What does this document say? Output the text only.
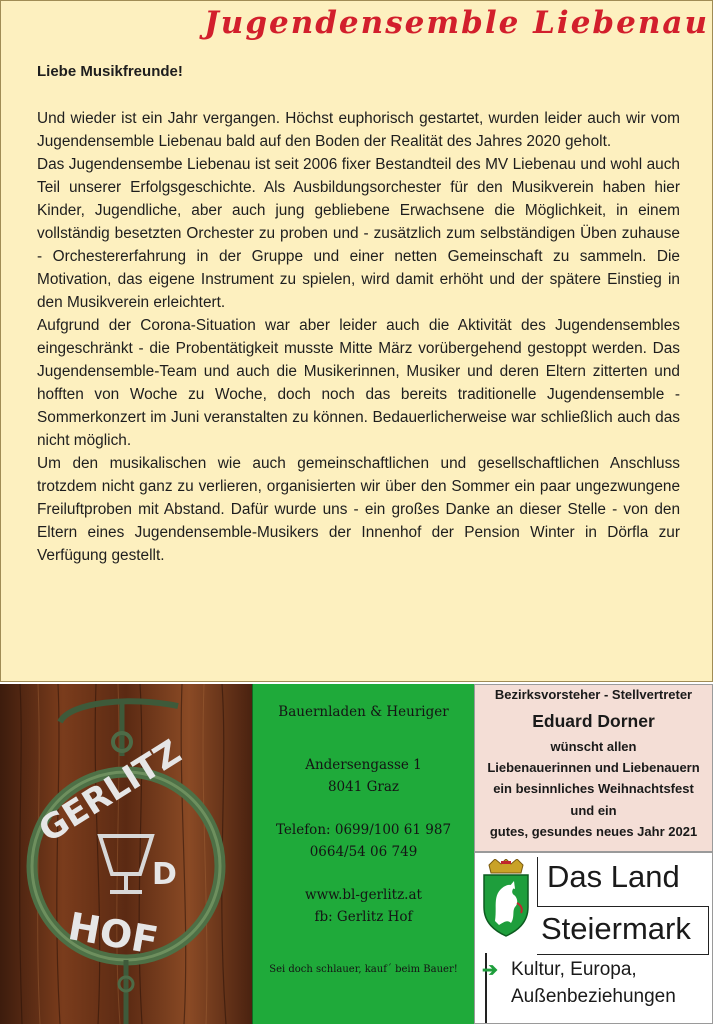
Jugendensemble Liebenau
Liebe Musikfreunde!

Und wieder ist ein Jahr vergangen. Höchst euphorisch gestartet, wurden leider auch wir vom Jugendensemble Liebenau bald auf den Boden der Realität des Jahres 2020 geholt.

Das Jugendensembe Liebenau ist seit 2006 fixer Bestandteil des MV Liebenau und wohl auch Teil unserer Erfolgsgeschichte. Als Ausbildungsorchester für den Musikverein haben hier Kinder, Jugendliche, aber auch jung gebliebene Erwachsene die Möglichkeit, in einem vollständig besetzten Orchester zu proben und - zusätzlich zum selbständigen Üben zuhause - Orchestererfahrung in der Gruppe und einer netten Gemeinschaft zu sammeln. Die Motivation, das eigene Instrument zu spielen, wird damit erhöht und der spätere Einstieg in den Musikverein erleichtert.

Aufgrund der Corona-Situation war aber leider auch die Aktivität des Jugendensembles eingeschränkt - die Probentätigkeit musste Mitte März vorübergehend gestoppt werden. Das Jugendensemble-Team und auch die Musikerinnen, Musiker und deren Eltern zitterten und hofften von Woche zu Woche, doch noch das bereits traditionelle Jugendensemble - Sommerkonzert im Juni veranstalten zu können. Bedauerlicherweise war schließlich auch das nicht möglich.

Um den musikalischen wie auch gemeinschaftlichen und gesellschaftlichen Anschluss trotzdem nicht ganz zu verlieren, organisierten wir über den Sommer ein paar ungezwungene Freiluftproben mit Abstand. Dafür wurde uns - ein großes Danke an dieser Stelle - von den Eltern eines Jugendensemble-Musikers der Innenhof der Pension Winter in Dörfla zur Verfügung gestellt.

GERLITZ
HOF
D
Bauernladen & Heuriger
Andersengasse 1
8041 Graz
Telefon: 0699/100 61 987
0664/54 06 749
www.bl-gerlitz.at
fb: Gerlitz Hof
Sei doch schlauer, kauf´ beim Bauer!
Bezirksvorsteher - Stellvertreter
Eduard Dorner
wünscht allen
Liebenauerinnen und Liebenauern
ein besinnliches Weihnachtsfest
und ein
gutes, gesundes neues Jahr 2021
Das Land
Steiermark
➔ Kultur, Europa,
Außenbeziehungen
